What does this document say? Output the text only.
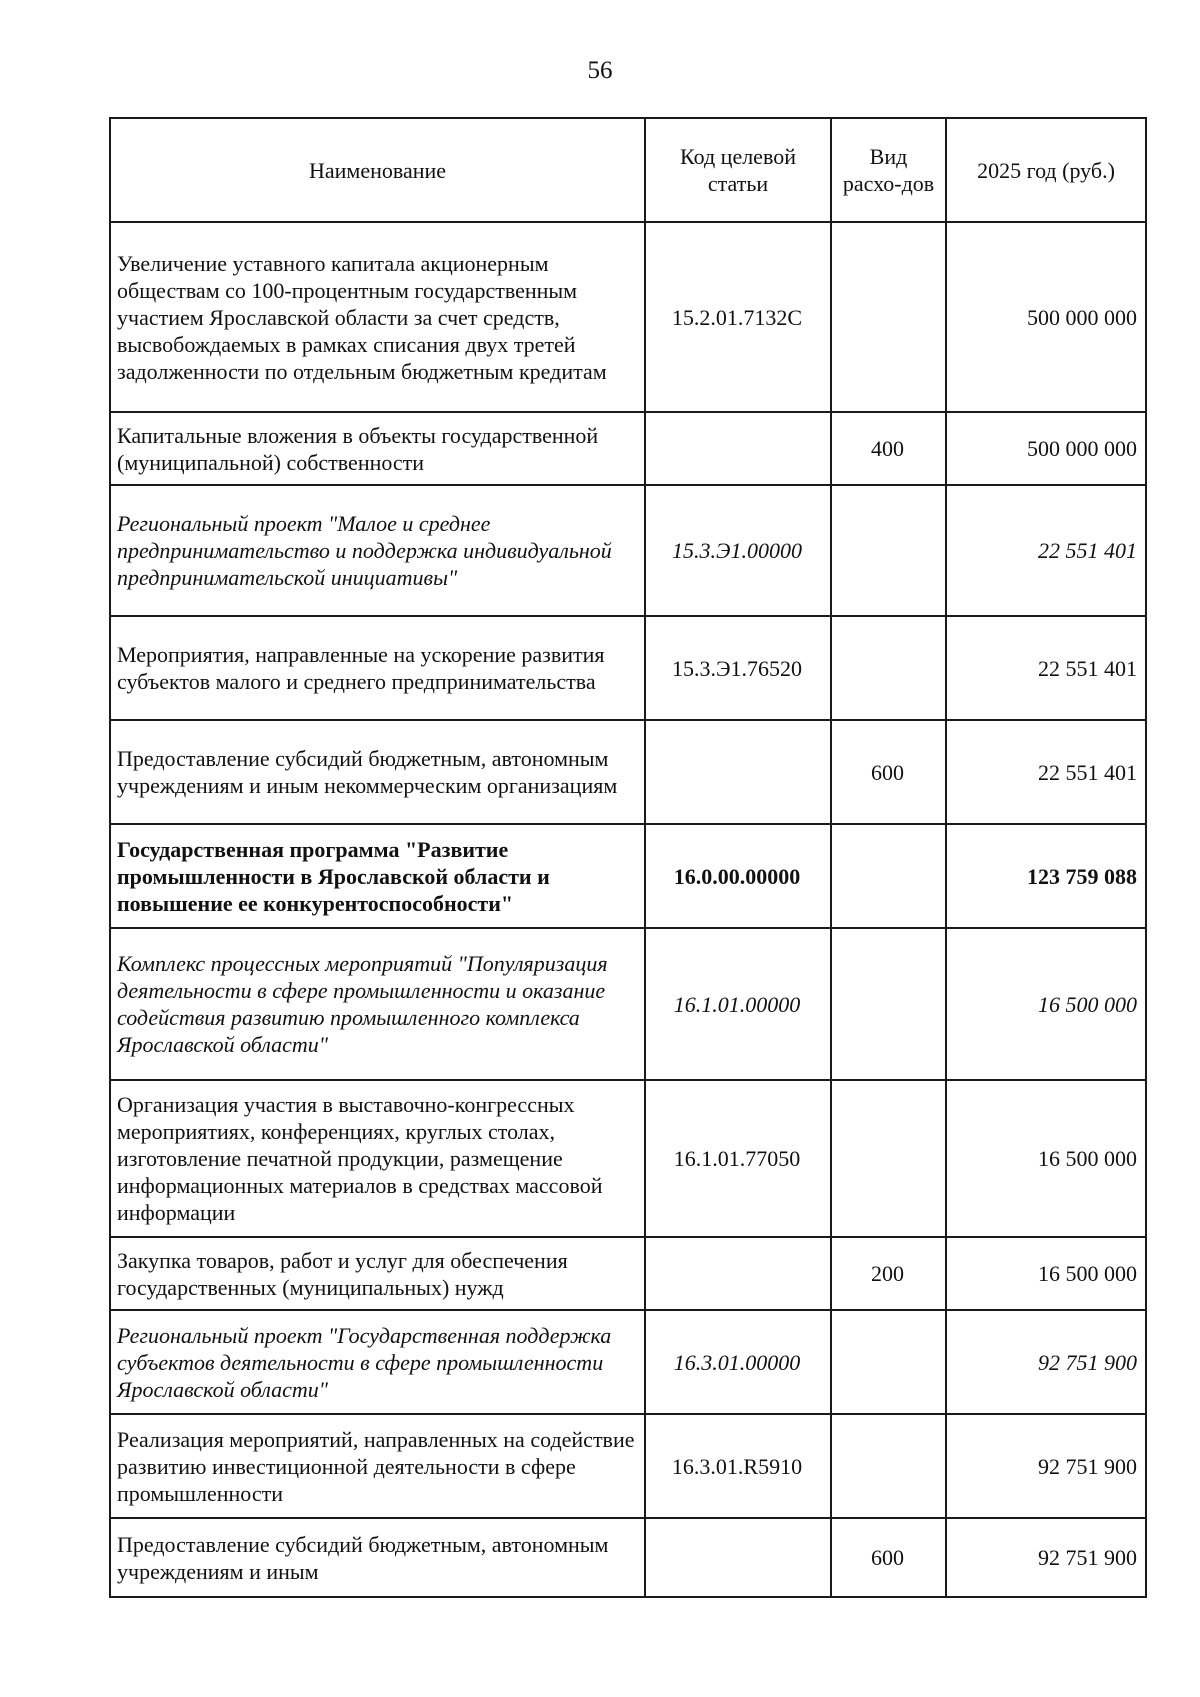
56
Наименование	Код целевой статьи	Вид расхо-дов	2025 год (руб.)
Увеличение уставного капитала акционерным обществам со 100-процентным государственным участием Ярославской области за счет средств, высвобождаемых в рамках списания двух третей задолженности по отдельным бюджетным кредитам	15.2.01.7132С		500 000 000
Капитальные вложения в объекты государственной (муниципальной) собственности		400	500 000 000
Региональный проект "Малое и среднее предпринимательство и поддержка индивидуальной предпринимательской инициативы"	15.3.Э1.00000		22 551 401
Мероприятия, направленные на ускорение развития субъектов малого и среднего предпринимательства	15.3.Э1.76520		22 551 401
Предоставление субсидий бюджетным, автономным учреждениям и иным некоммерческим организациям		600	22 551 401
Государственная программа "Развитие промышленности в Ярославской области и повышение ее конкурентоспособности"	16.0.00.00000		123 759 088
Комплекс процессных мероприятий "Популяризация деятельности в сфере промышленности и оказание содействия развитию промышленного комплекса Ярославской области"	16.1.01.00000		16 500 000
Организация участия в выставочно-конгрессных мероприятиях, конференциях, круглых столах, изготовление печатной продукции, размещение информационных материалов в средствах массовой информации	16.1.01.77050		16 500 000
Закупка товаров, работ и услуг для обеспечения государственных (муниципальных) нужд		200	16 500 000
Региональный проект "Государственная поддержка субъектов деятельности в сфере промышленности Ярославской области"	16.3.01.00000		92 751 900
Реализация мероприятий, направленных на содействие развитию инвестиционной деятельности в сфере промышленности	16.3.01.R5910		92 751 900
Предоставление субсидий бюджетным, автономным учреждениям и иным		600	92 751 900
